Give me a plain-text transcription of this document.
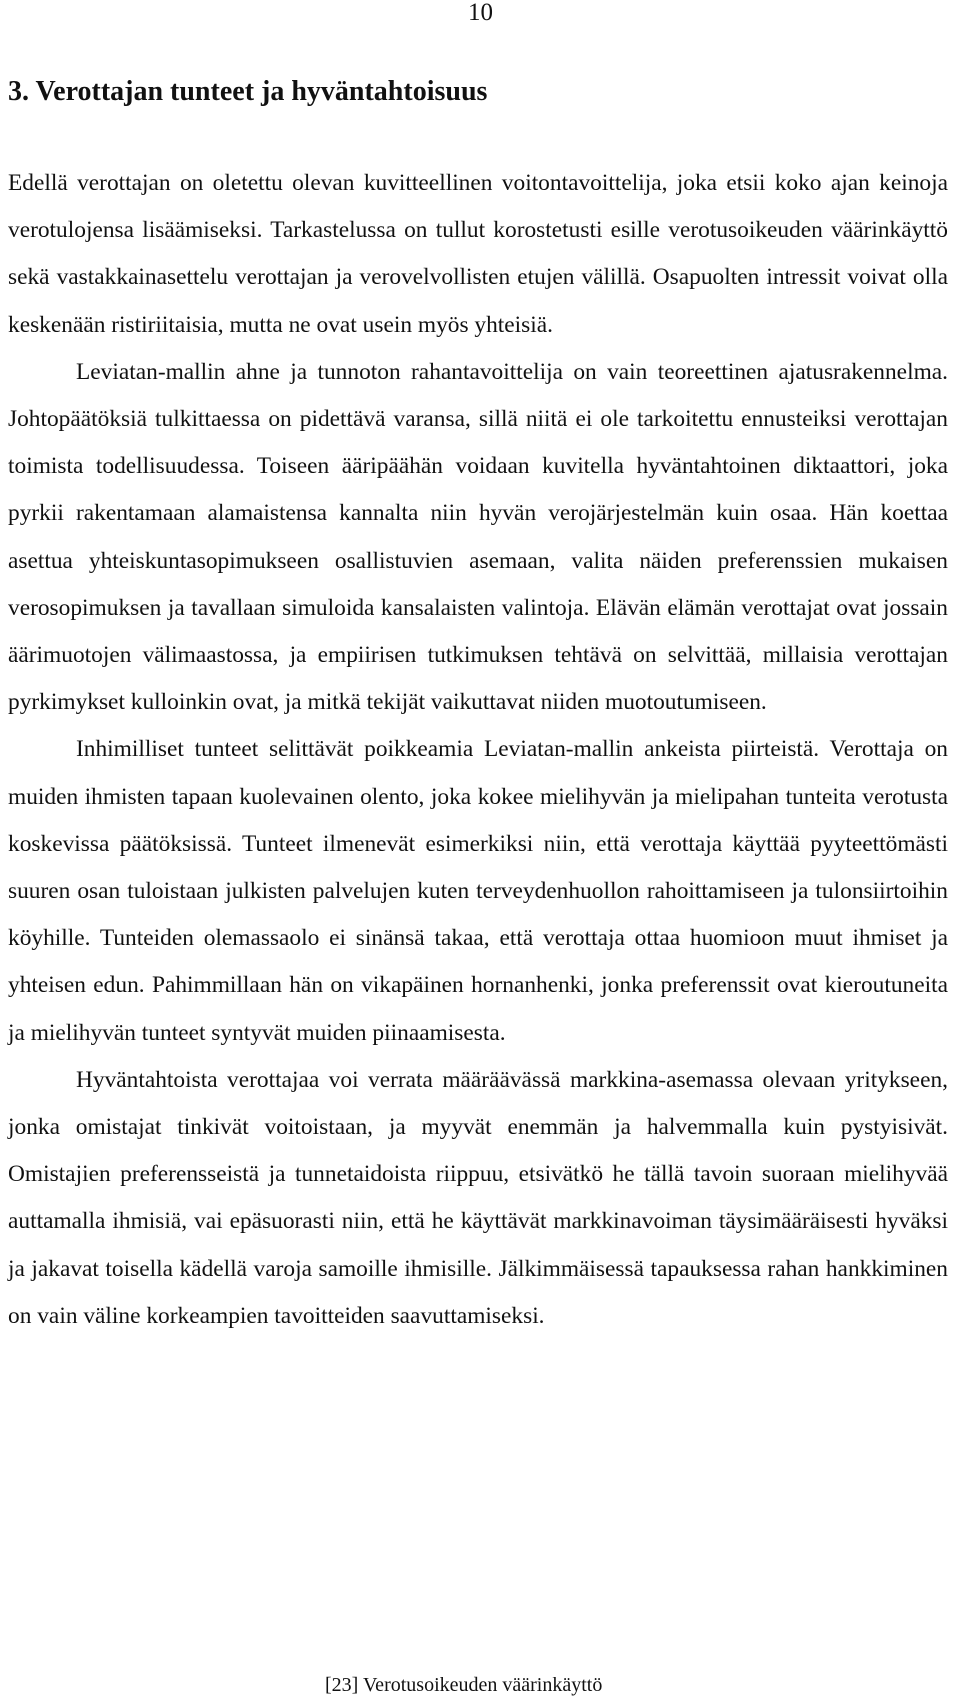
10
3. Verottajan tunteet ja hyväntahtoisuus

Edellä verottajan on oletettu olevan kuvitteellinen voitontavoittelija, joka etsii koko ajan keinoja verotulojensa lisäämiseksi. Tarkastelussa on tullut korostetusti esille verotusoikeuden väärinkäyttö sekä vastakkainasettelu verottajan ja verovelvollisten etujen välillä. Osapuolten intressit voivat olla keskenään ristiriitaisia, mutta ne ovat usein myös yhteisiä.

Leviatan-mallin ahne ja tunnoton rahantavoittelija on vain teoreettinen ajatusrakennelma. Johtopäätöksiä tulkittaessa on pidettävä varansa, sillä niitä ei ole tarkoitettu ennusteiksi verottajan toimista todellisuudessa. Toiseen ääripäähän voidaan kuvitella hyväntahtoinen diktaattori, joka pyrkii rakentamaan alamaistensa kannalta niin hyvän verojärjestelmän kuin osaa. Hän koettaa asettua yhteiskuntasopimukseen osallistuvien asemaan, valita näiden preferenssien mukaisen verosopimuksen ja tavallaan simuloida kansalaisten valintoja. Elävän elämän verottajat ovat jossain äärimuotojen välimaastossa, ja empiirisen tutkimuksen tehtävä on selvittää, millaisia verottajan pyrkimykset kulloinkin ovat, ja mitkä tekijät vaikuttavat niiden muotoutumiseen.

Inhimilliset tunteet selittävät poikkeamia Leviatan-mallin ankeista piirteistä. Verottaja on muiden ihmisten tapaan kuolevainen olento, joka kokee mielihyvän ja mielipahan tunteita verotusta koskevissa päätöksissä. Tunteet ilmenevät esimerkiksi niin, että verottaja käyttää pyyteettömästi suuren osan tuloistaan julkisten palvelujen kuten terveydenhuollon rahoittamiseen ja tulonsiirtoihin köyhille. Tunteiden olemassaolo ei sinänsä takaa, että verottaja ottaa huomioon muut ihmiset ja yhteisen edun. Pahimmillaan hän on vikapäinen hornanhenki, jonka preferenssit ovat kieroutuneita ja mielihyvän tunteet syntyvät muiden piinaamisesta.

Hyväntahtoista verottajaa voi verrata määräävässä markkina-asemassa olevaan yritykseen, jonka omistajat tinkivät voitoistaan, ja myyvät enemmän ja halvemmalla kuin pystyisivät. Omistajien preferensseistä ja tunnetaidoista riippuu, etsivätkö he tällä tavoin suoraan mielihyvää auttamalla ihmisiä, vai epäsuorasti niin, että he käyttävät markkinavoiman täysimääräisesti hyväksi ja jakavat toisella kädellä varoja samoille ihmisille. Jälkimmäisessä tapauksessa rahan hankkiminen on vain väline korkeampien tavoitteiden saavuttamiseksi.

[23] Verotusoikeuden väärinkäyttö
